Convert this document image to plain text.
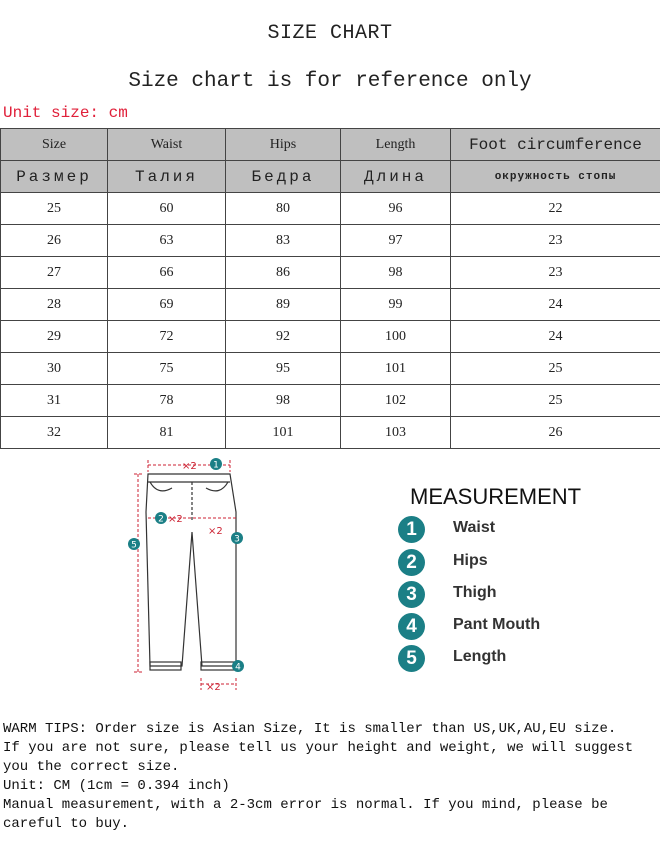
SIZE CHART
Size chart is for reference only
Unit size: cm
Size	Waist	Hips	Length	Foot circumference
Размер	Талия	Бедра	Длина	окружность стопы
25	60	80	96	22
26	63	83	97	23
27	66	86	98	23
28	69	89	99	24
29	72	92	100	24
30	75	95	101	25
31	78	98	102	25
32	81	101	103	26
×2
×2
×2
×2
1
2
3
4
5
MEASUREMENT
1	Waist
2	Hips
3	Thigh
4	Pant Mouth
5	Length

WARM TIPS: Order size is Asian Size, It is smaller than US,UK,AU,EU size.

If you are not sure, please tell us your height and weight, we will suggest you the correct size.

Unit: CM (1cm = 0.394 inch)

Manual measurement, with a 2-3cm error is normal. If you mind, please be careful to buy.
